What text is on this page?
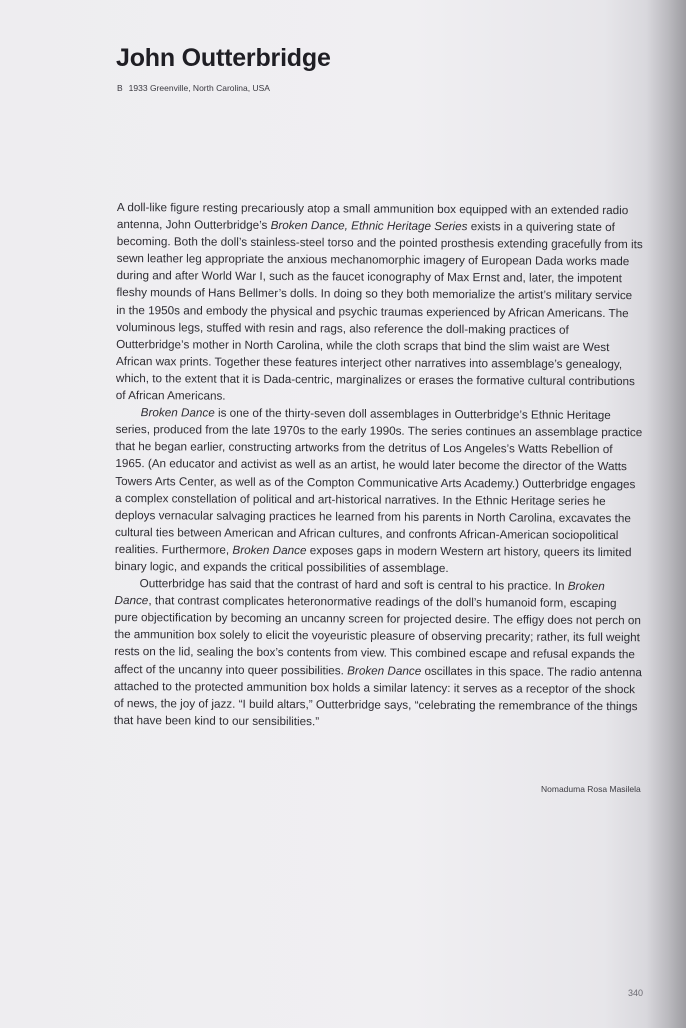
John Outterbridge

B 1933 Greenville, North Carolina, USA

A doll-like figure resting precariously atop a small ammunition box equipped with an extended radio antenna, John Outterbridge’s Broken Dance, Ethnic Heritage Series exists in a quivering state of becoming. Both the doll’s stainless-steel torso and the pointed prosthesis extending gracefully from its sewn leather leg appropriate the anxious mechanomorphic imagery of European Dada works made during and after World War I, such as the faucet iconography of Max Ernst and, later, the impotent fleshy mounds of Hans Bellmer’s dolls. In doing so they both memorialize the artist’s military service in the 1950s and embody the physical and psychic traumas experienced by African Americans. The voluminous legs, stuffed with resin and rags, also reference the doll-making practices of Outterbridge’s mother in North Carolina, while the cloth scraps that bind the slim waist are West African wax prints. Together these features interject other narratives into assemblage’s genealogy, which, to the extent that it is Dada-centric, marginalizes or erases the formative cultural contributions of African Americans.

Broken Dance is one of the thirty-seven doll assemblages in Outterbridge’s Ethnic Heritage series, produced from the late 1970s to the early 1990s. The series continues an assemblage practice that he began earlier, constructing artworks from the detritus of Los Angeles’s Watts Rebellion of 1965. (An educator and activist as well as an artist, he would later become the director of the Watts Towers Arts Center, as well as of the Compton Communicative Arts Academy.) Outterbridge engages a complex constellation of political and art-historical narratives. In the Ethnic Heritage series he deploys vernacular salvaging practices he learned from his parents in North Carolina, excavates the cultural ties between American and African cultures, and confronts African-American sociopolitical realities. Furthermore, Broken Dance exposes gaps in modern Western art history, queers its limited binary logic, and expands the critical possibilities of assemblage.

Outterbridge has said that the contrast of hard and soft is central to his practice. In Broken Dance, that contrast complicates heteronormative readings of the doll’s humanoid form, escaping pure objectification by becoming an uncanny screen for projected desire. The effigy does not perch on the ammunition box solely to elicit the voyeuristic pleasure of observing precarity; rather, its full weight rests on the lid, sealing the box’s contents from view. This combined escape and refusal expands the affect of the uncanny into queer possibilities. Broken Dance oscillates in this space. The radio antenna attached to the protected ammunition box holds a similar latency: it serves as a receptor of the shock of news, the joy of jazz. “I build altars,” Outterbridge says, “celebrating the remembrance of the things that have been kind to our sensibilities.”

Nomaduma Rosa Masilela
340
